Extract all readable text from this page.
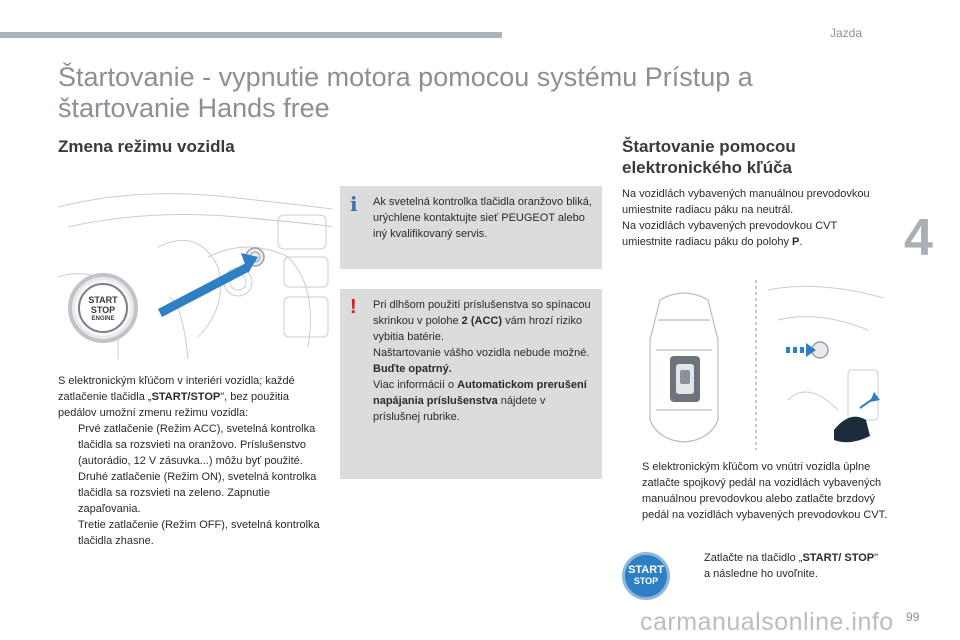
Jazda
4
Štartovanie - vypnutie motora pomocou systému Prístup a štartovanie Hands free
Zmena režimu vozidla	Štartovanie pomocou elektronického kľúča
START
STOP
ENGINE
i Ak svetelná kontrolka tlačidla oranžovo bliká, urýchlene kontaktujte sieť PEUGEOT alebo iný kvalifikovaný servis.
! Pri dlhšom použití príslušenstva so spínacou skrinkou v polohe 2 (ACC) vám hrozí riziko vybitia batérie.
Naštartovanie vášho vozidla nebude možné. Buďte opatrný.
Viac informácií o Automatickom prerušení napájania príslušenstva nájdete v príslušnej rubrike.

S elektronickým kľúčom v interiéri vozidla; každé zatlačenie tlačidla „START/STOP", bez použitia pedálov umožní zmenu režimu vozidla:

Prvé zatlačenie (Režim ACC), svetelná kontrolka tlačidla sa rozsvieti na oranžovo. Príslušenstvo (autorádio, 12 V zásuvka...) môžu byť použité.

Druhé zatlačenie (Režim ON), svetelná kontrolka tlačidla sa rozsvieti na zeleno. Zapnutie zapaľovania.

Tretie zatlačenie (Režim OFF), svetelná kontrolka tlačidla zhasne.

Na vozidlách vybavených manuálnou prevodovkou umiestnite radiacu páku na neutrál.

Na vozidlách vybavených prevodovkou CVT umiestnite radiacu páku do polohy P.

S elektronickým kľúčom vo vnútri vozidla úplne zatlačte spojkový pedál na vozidlách vybavených manuálnou prevodovkou alebo zatlačte brzdový pedál na vozidlách vybavených prevodovkou CVT.

START
STOP

Zatlačte na tlačidlo „START/ STOP" a následne ho uvoľnite.

carmanualsonline.info 99
